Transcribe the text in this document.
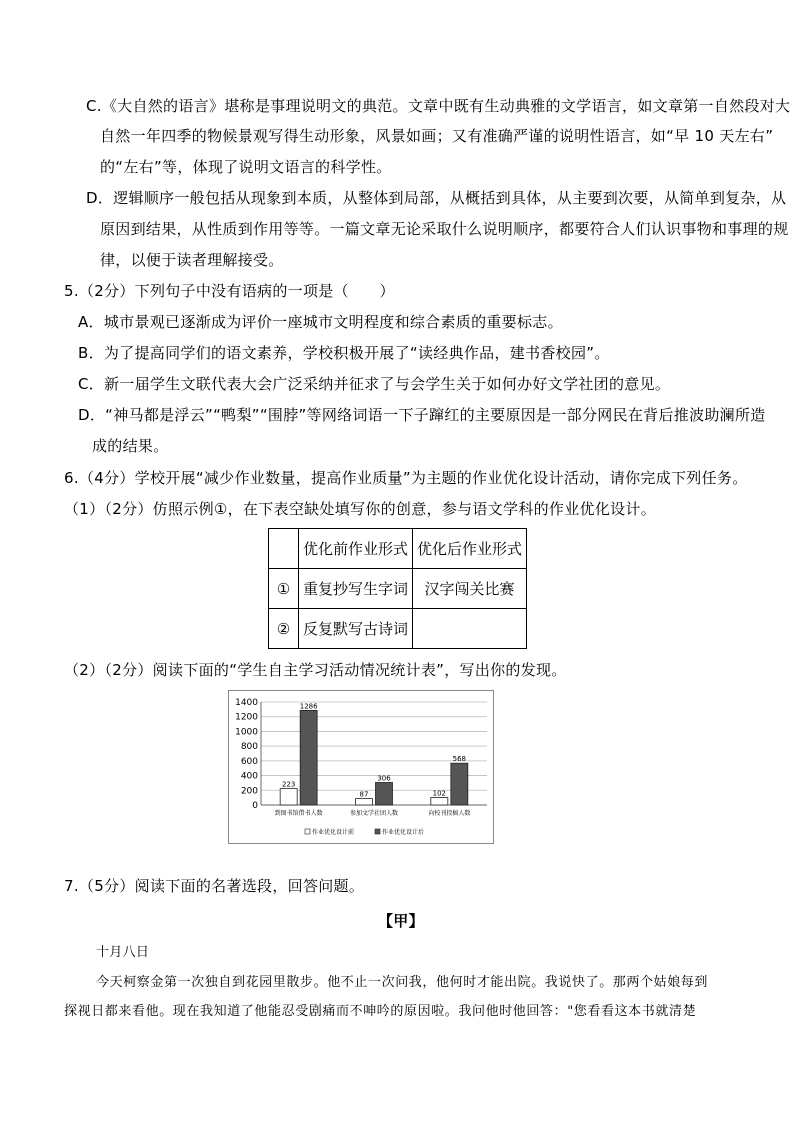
C.《大自然的语言》堪称是事理说明文的典范。文章中既有生动典雅的文学语言，如文章第一自然段对大
自然一年四季的物候景观写得生动形象，风景如画；又有准确严谨的说明性语言，如“早 10 天左右”
的“左右”等，体现了说明文语言的科学性。
D．逻辑顺序一般包括从现象到本质，从整体到局部，从概括到具体，从主要到次要，从简单到复杂，从
原因到结果，从性质到作用等等。一篇文章无论采取什么说明顺序，都要符合人们认识事物和事理的规
律，以便于读者理解接受。
5.（2分）下列句子中没有语病的一项是（　　）
A．城市景观已逐渐成为评价一座城市文明程度和综合素质的重要标志。
B．为了提高同学们的语文素养，学校积极开展了“读经典作品，建书香校园”。
C．新一届学生文联代表大会广泛采纳并征求了与会学生关于如何办好文学社团的意见。
D．“神马都是浮云”“鸭梨”“围脖”等网络词语一下子蹿红的主要原因是一部分网民在背后推波助澜所造
成的结果。
6.（4分）学校开展“减少作业数量，提高作业质量”为主题的作业优化设计活动，请你完成下列任务。
（1）（2分）仿照示例①，在下表空缺处填写你的创意，参与语文学科的作业优化设计。
	优化前作业形式	优化后作业形式
①	重复抄写生字词	汉字闯关比赛
②	反复默写古诗词	
（2）（2分）阅读下面的“学生自主学习活动情况统计表”，写出你的发现。
0
200
400
600
800
1000
1200
1400
223
1286
到图书馆借书人数
87
306
参加文学社团人数
102
568
向校刊投稿人数
作业优化设计前	作业优化设计后
7.（5分）阅读下面的名著选段，回答问题。
【甲】
十月八日
今天柯察金第一次独自到花园里散步。他不止一次问我，他何时才能出院。我说快了。那两个姑娘每到
探视日都来看他。现在我知道了他能忍受剧痛而不呻吟的原因啦。我问他时他回答："您看看这本书就清楚
